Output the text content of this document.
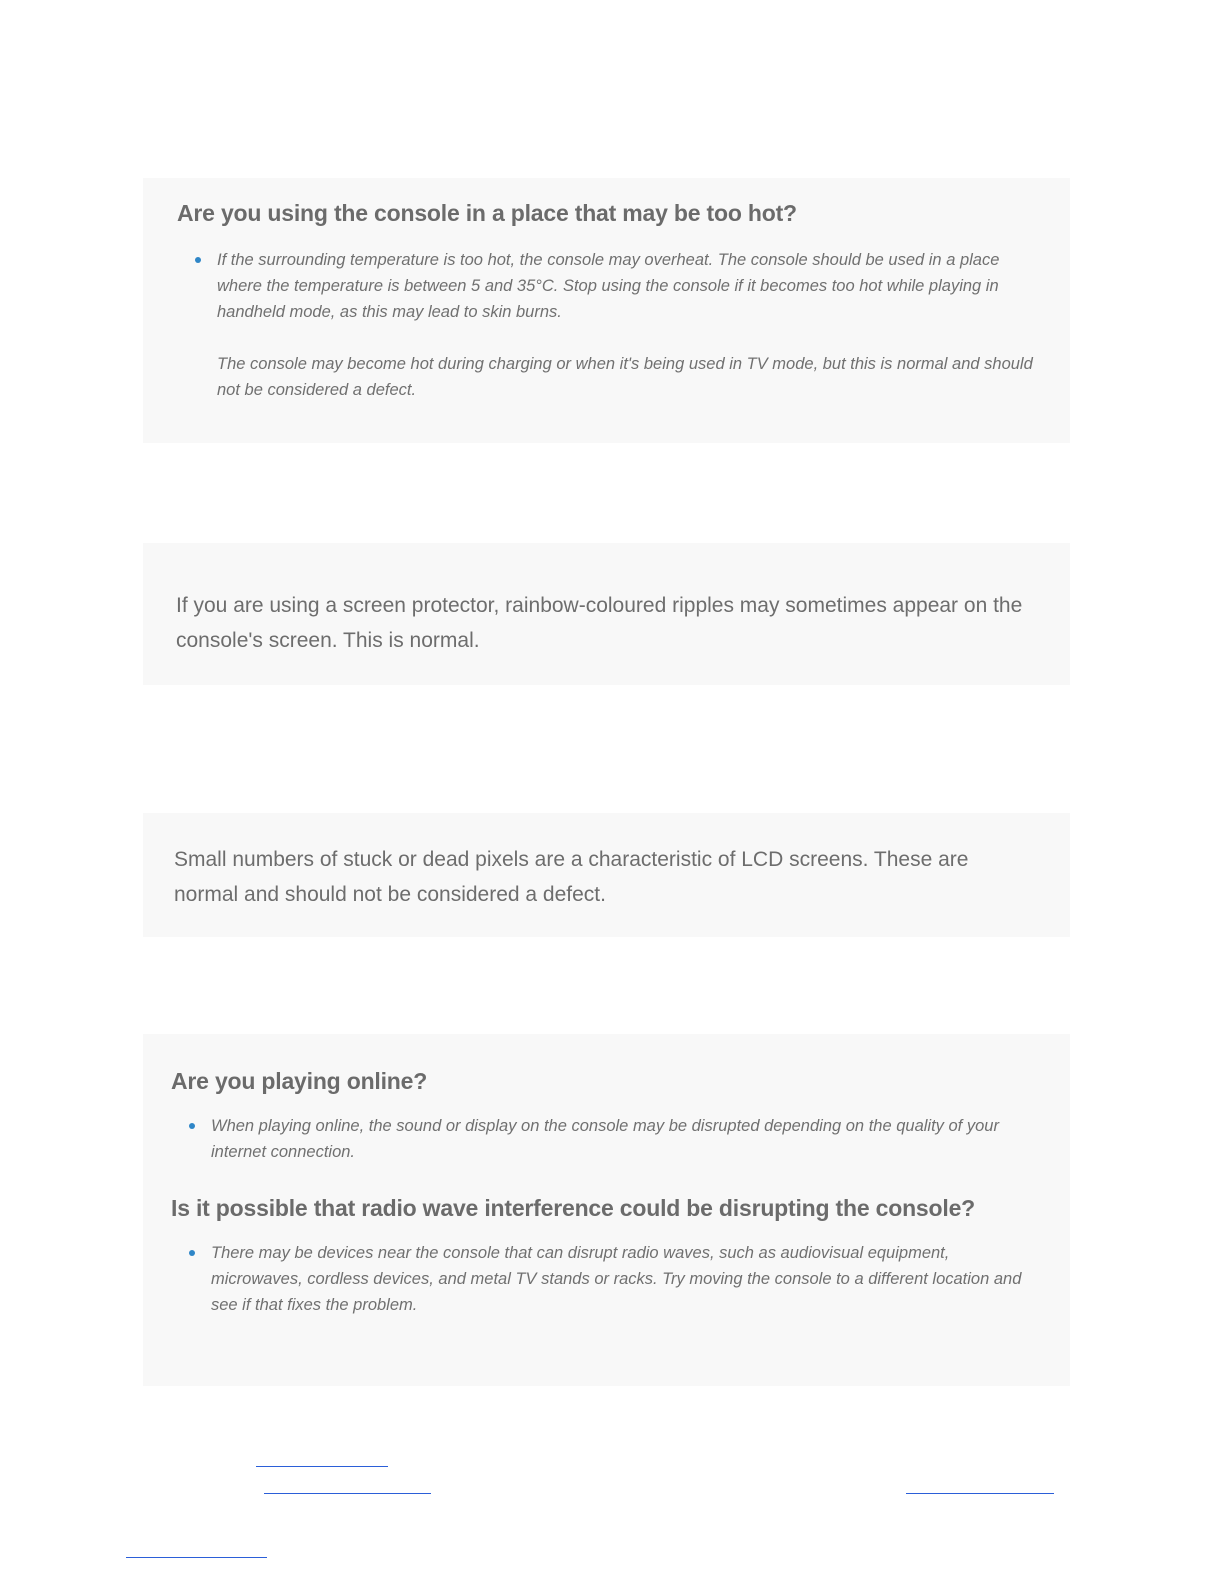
Are you using the console in a place that may be too hot?

If the surrounding temperature is too hot, the console may overheat. The console should be used in a place where the temperature is between 5 and 35°C. Stop using the console if it becomes too hot while playing in handheld mode, as this may lead to skin burns.

The console may become hot during charging or when it's being used in TV mode, but this is normal and should not be considered a defect.

If you are using a screen protector, rainbow-coloured ripples may sometimes appear on the console's screen. This is normal.

Small numbers of stuck or dead pixels are a characteristic of LCD screens. These are normal and should not be considered a defect.

Are you playing online?

When playing online, the sound or display on the console may be disrupted depending on the quality of your internet connection.

Is it possible that radio wave interference could be disrupting the console?

There may be devices near the console that can disrupt radio waves, such as audiovisual equipment, microwaves, cordless devices, and metal TV stands or racks. Try moving the console to a different location and see if that fixes the problem.
